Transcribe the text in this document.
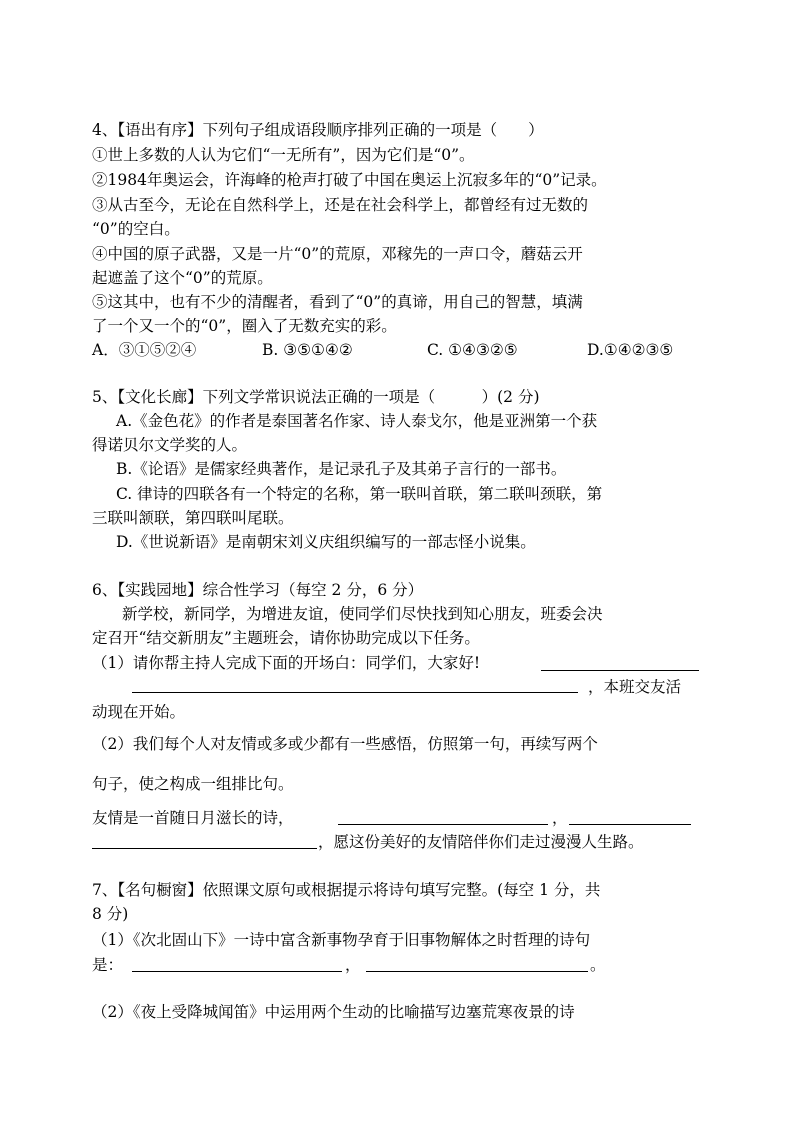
4、【语出有序】下列句子组成语段顺序排列正确的一项是（　　）
①世上多数的人认为它们“一无所有”，因为它们是“0”。
②1984年奥运会，许海峰的枪声打破了中国在奥运上沉寂多年的“0”记录。
③从古至今，无论在自然科学上，还是在社会科学上，都曾经有过无数的
“0”的空白。
④中国的原子武器，又是一片“0”的荒原，邓稼先的一声口令，蘑菇云开
起遮盖了这个“0”的荒原。
⑤这其中，也有不少的清醒者，看到了“0”的真谛，用自己的智慧，填满
了一个又一个的“0”，圈入了无数充实的彩。
A．③①⑤②④	B. ③⑤①④②	C. ①④③②⑤	D.①④②③⑤
5、【文化长廊】下列文学常识说法正确的一项是（　　　）(2 分)
A.《金色花》的作者是泰国著名作家、诗人泰戈尔，他是亚洲第一个获
得诺贝尔文学奖的人。
B.《论语》是儒家经典著作，是记录孔子及其弟子言行的一部书。
C. 律诗的四联各有一个特定的名称，第一联叫首联，第二联叫颈联，第
三联叫颔联，第四联叫尾联。
D.《世说新语》是南朝宋刘义庆组织编写的一部志怪小说集。
6、【实践园地】综合性学习（每空 2 分，6 分）
新学校，新同学，为增进友谊，使同学们尽快找到知心朋友，班委会决
定召开“结交新朋友”主题班会，请你协助完成以下任务。
（1）请你帮主持人完成下面的开场白：同学们，大家好!
，本班交友活
动现在开始。
（2）我们每个人对友情或多或少都有一些感悟，仿照第一句，再续写两个
句子，使之构成一组排比句。
友情是一首随日月滋长的诗，	，
，愿这份美好的友情陪伴你们走过漫漫人生路。
7、【名句橱窗】依照课文原句或根据提示将诗句填写完整。(每空 1 分，共
8 分)
（1）《次北固山下》一诗中富含新事物孕育于旧事物解体之时哲理的诗句
是：	，	。
（2）《夜上受降城闻笛》中运用两个生动的比喻描写边塞荒寒夜景的诗
